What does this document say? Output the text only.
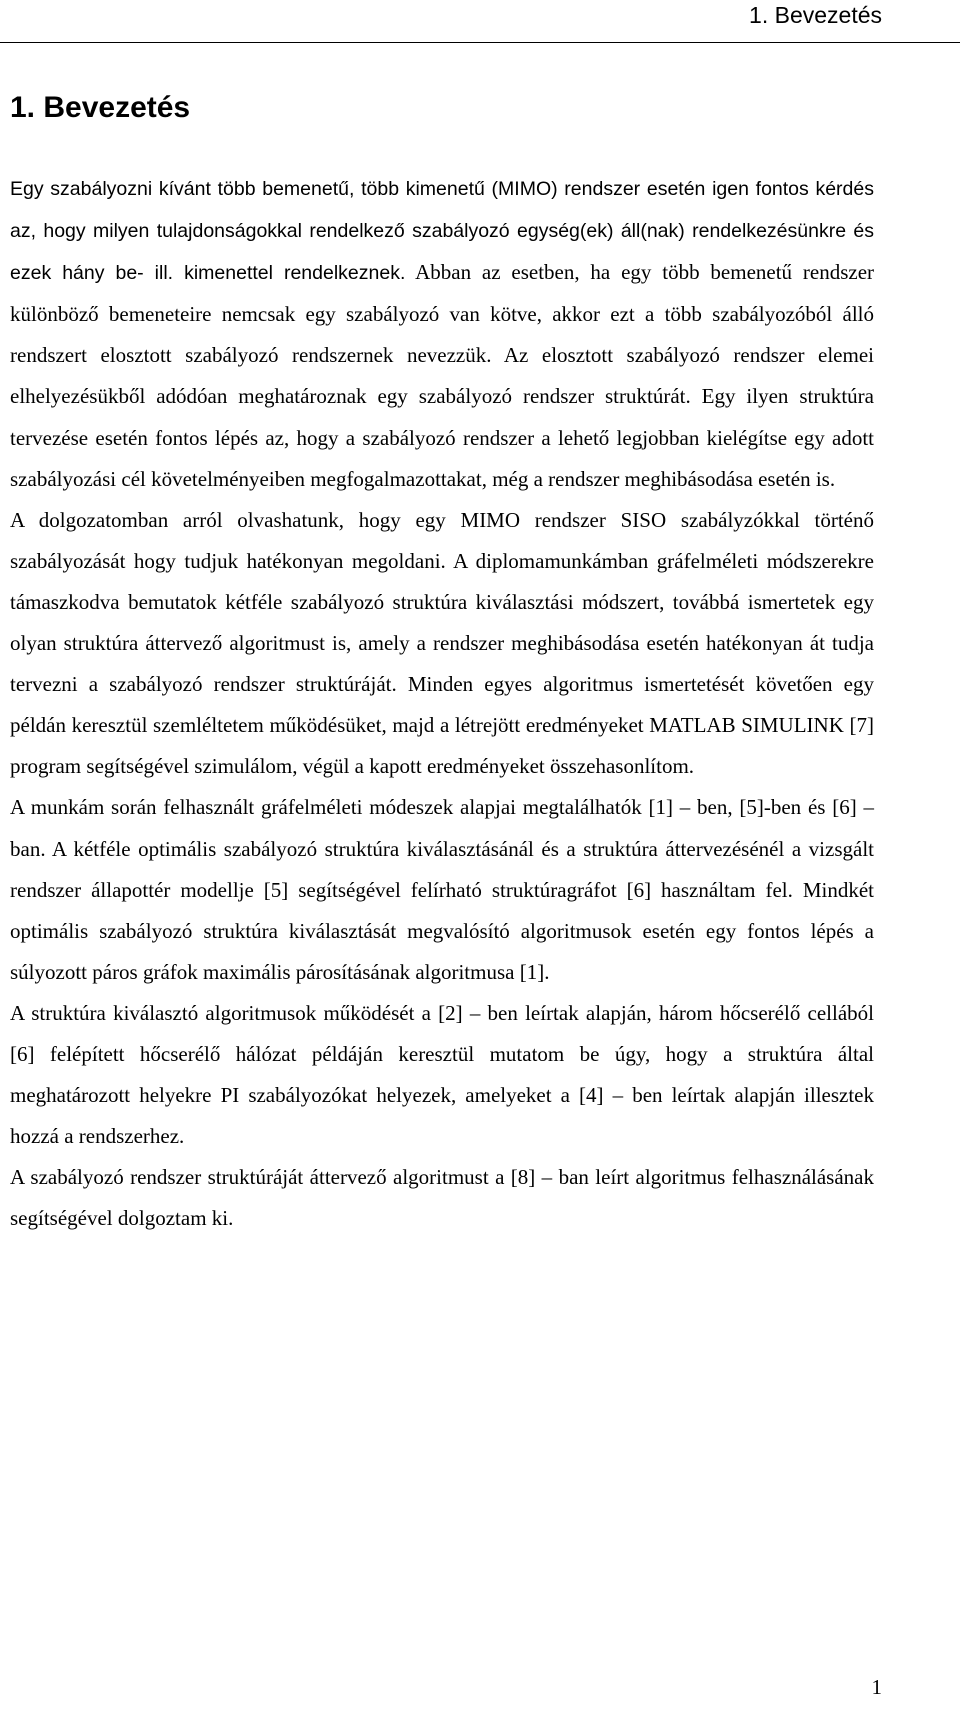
1. Bevezetés
1. Bevezetés

Egy szabályozni kívánt több bemenetű, több kimenetű (MIMO) rendszer esetén igen fontos kérdés az, hogy milyen tulajdonságokkal rendelkező szabályozó egység(ek) áll(nak) rendelkezésünkre és ezek hány be- ill. kimenettel rendelkeznek. Abban az esetben, ha egy több bemenetű rendszer különböző bemeneteire nemcsak egy szabályozó van kötve, akkor ezt a több szabályozóból álló rendszert elosztott szabályozó rendszernek nevezzük. Az elosztott szabályozó rendszer elemei elhelyezésükből adódóan meghatároznak egy szabályozó rendszer struktúrát. Egy ilyen struktúra tervezése esetén fontos lépés az, hogy a szabályozó rendszer a lehető legjobban kielégítse egy adott szabályozási cél követelményeiben megfogalmazottakat, még a rendszer meghibásodása esetén is.

A dolgozatomban arról olvashatunk, hogy egy MIMO rendszer SISO szabályzókkal történő szabályozását hogy tudjuk hatékonyan megoldani. A diplomamunkámban gráfelméleti módszerekre támaszkodva bemutatok kétféle szabályozó struktúra kiválasztási módszert, továbbá ismertetek egy olyan struktúra áttervező algoritmust is, amely a rendszer meghibásodása esetén hatékonyan át tudja tervezni a szabályozó rendszer struktúráját. Minden egyes algoritmus ismertetését követően egy példán keresztül szemléltetem működésüket, majd a létrejött eredményeket MATLAB SIMULINK [7] program segítségével szimulálom, végül a kapott eredményeket összehasonlítom.

A munkám során felhasznált gráfelméleti módeszek alapjai megtalálhatók [1] – ben, [5]-ben és [6] – ban. A kétféle optimális szabályozó struktúra kiválasztásánál és a struktúra áttervezésénél a vizsgált rendszer állapottér modellje [5] segítségével felírható struktúragráfot [6] használtam fel. Mindkét optimális szabályozó struktúra kiválasztását megvalósító algoritmusok esetén egy fontos lépés a súlyozott páros gráfok maximális párosításának algoritmusa [1].

A struktúra kiválasztó algoritmusok működését a [2] – ben leírtak alapján, három hőcserélő cellából [6] felépített hőcserélő hálózat példáján keresztül mutatom be úgy, hogy a struktúra által meghatározott helyekre PI szabályozókat helyezek, amelyeket a [4] – ben leírtak alapján illesztek hozzá a rendszerhez.

A szabályozó rendszer struktúráját áttervező algoritmust a [8] – ban leírt algoritmus felhasználásának segítségével dolgoztam ki.

1
